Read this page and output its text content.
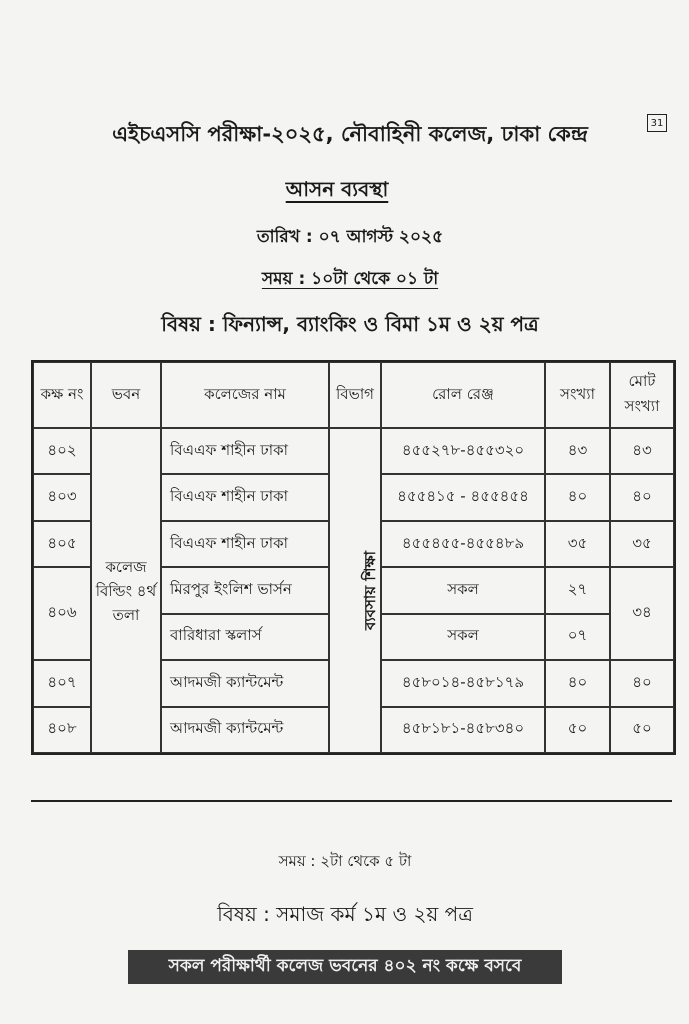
31
এইচএসসি পরীক্ষা-২০২৫, নৌবাহিনী কলেজ, ঢাকা কেন্দ্র
আসন ব্যবস্থা
তারিখ : ০৭ আগস্ট ২০২৫
সময় : ১০টা থেকে ০১ টা
বিষয় : ফিন্যান্স, ব্যাংকিং ও বিমা ১ম ও ২য় পত্র
কক্ষ নং	ভবন	কলেজের নাম	বিভাগ	রোল রেঞ্জ	সংখ্যা	মোট সংখ্যা
৪০২	কলেজ বিল্ডিং ৪র্থ তলা	বিএএফ শাহীন ঢাকা	ব্যবসায় শিক্ষা	৪৫৫২৭৮-৪৫৫৩২০	৪৩	৪৩
৪০৩		বিএএফ শাহীন ঢাকা		৪৫৫৪১৫ - ৪৫৫৪৫৪	৪০	৪০
৪০৫		বিএএফ শাহীন ঢাকা		৪৫৫৪৫৫-৪৫৫৪৮৯	৩৫	৩৫
৪০৬		মিরপুর ইংলিশ ভার্সন		সকল	২৭	৩৪
		বারিধারা স্কলার্স		সকল	০৭	
৪০৭		আদমজী ক্যান্টমেন্ট		৪৫৮০১৪-৪৫৮১৭৯	৪০	৪০
৪০৮		আদমজী ক্যান্টমেন্ট		৪৫৮১৮১-৪৫৮৩৪০	৫০	৫০
সময় : ২টা থেকে ৫ টা
বিষয় : সমাজ কর্ম ১ম ও ২য় পত্র
সকল পরীক্ষার্থী কলেজ ভবনের ৪০২ নং কক্ষে বসবে
